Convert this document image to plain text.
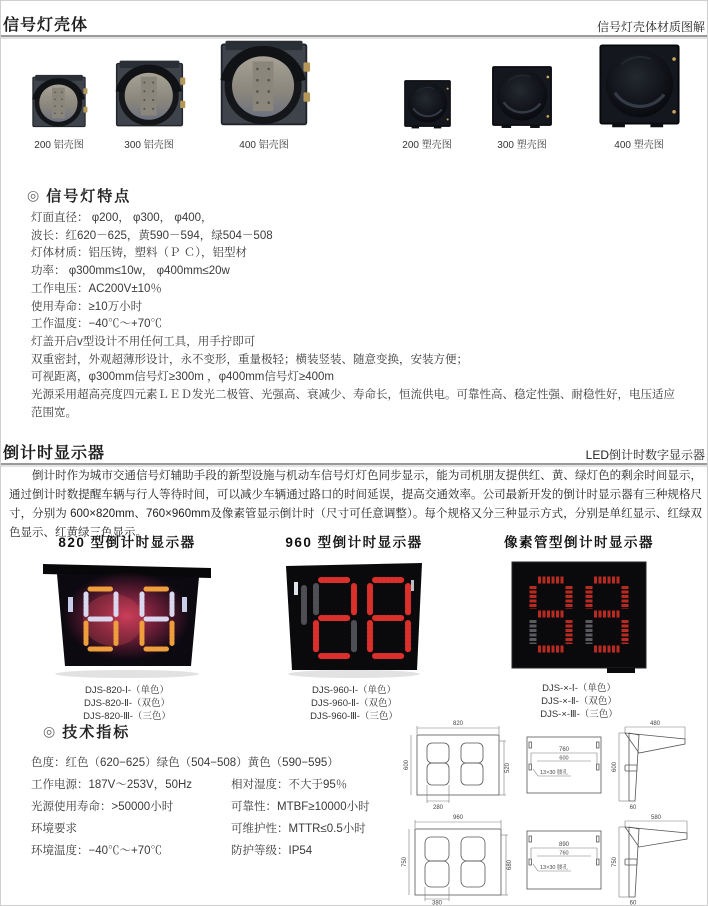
信号灯壳体	信号灯壳体材质图解
200 铝壳图	300 铝壳图	400 铝壳图	200 塑壳图	300 塑壳图	400 塑壳图
◎ 信号灯特点
灯面直径： φ200， φ300， φ400，
波长：红620－625，黄590－594，绿504－508
灯体材质：铝压铸，塑料（Ｐ Ｃ），铝型材
功率： φ300mm≤10w， φ400mm≤20w
工作电压：AC200V±10％
使用寿命：≥10万小时
工作温度：−40℃～+70℃
灯盖开启v型设计不用任何工具，用手拧即可
双重密封，外观超薄形设计，永不变形，重量极轻；横装竖装、随意变换，安装方便；
可视距离，φ300mm信号灯≥300m ，φ400mm信号灯≥400m
光源采用超高亮度四元素ＬＥＤ发光二极管、光强高、衰减少、寿命长，恒流供电。可靠性高、稳定性强、耐稳性好，电压适应范围宽。
倒计时显示器	LED倒计时数字显示器
倒计时作为城市交通信号灯辅助手段的新型设施与机动车信号灯灯色同步显示，能为司机朋友提供红、黄、绿灯色的剩余时间显示，通过倒计时数提醒车辆与行人等待时间，可以减少车辆通过路口的时间延误，提高交通效率。公司最新开发的倒计时显示器有三种规格尺寸，分别为 600×820mm、760×960mm及像素管显示倒计时（尺寸可任意调整）。每个规格又分三种显示方式，分别是单红显示、红绿双色显示、红黄绿三色显示。
820 型倒计时显示器
DJS-820-Ⅰ-（单色）
DJS-820-Ⅱ-（双色）
DJS-820-Ⅲ-（三色）
960 型倒计时显示器
DJS-960-Ⅰ-（单色）
DJS-960-Ⅱ-（双色）
DJS-960-Ⅲ-（三色）
像素管型倒计时显示器
DJS-×-Ⅰ-（单色）
DJS-×-Ⅱ-（双色）
DJS-×-Ⅲ-（三色）
◎ 技术指标
色度：红色（620−625）绿色（504−508）黄色（590−595）
工作电源：187V～253V，50Hz	相对湿度：不大于95％
光源使用寿命：>50000小时	可靠性：MTBF≥10000小时
环境要求	可维护性：MTTR≤0.5小时
环境温度：−40℃～+70℃	防护等级：IP54
820
600	520
280
760
600
13×30 腰孔
480
600
60
960
750	680
380
890
760
13×30 腰孔
580
750
60
